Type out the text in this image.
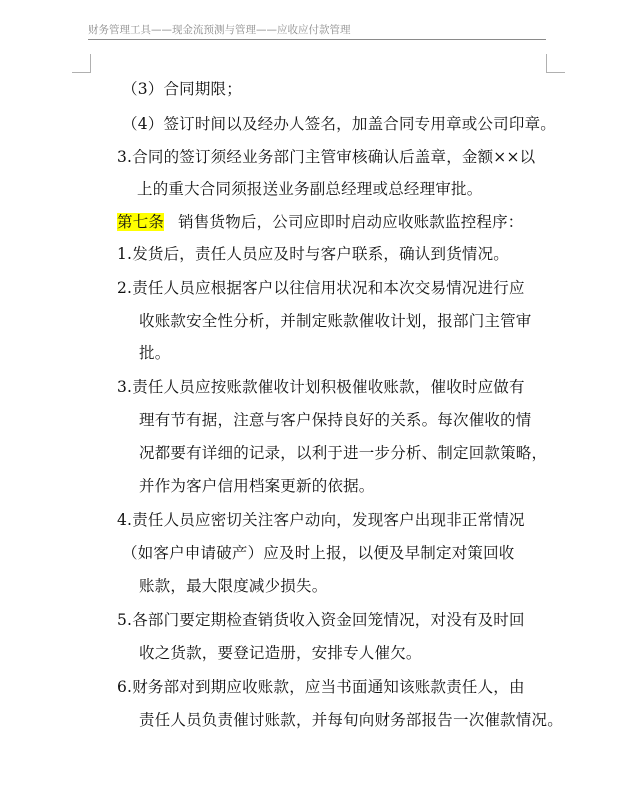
财务管理工具——现金流预测与管理——应收应付款管理
（3）合同期限；
（4）签订时间以及经办人签名，加盖合同专用章或公司印章。
3.合同的签订须经业务部门主管审核确认后盖章，金额××以
上的重大合同须报送业务副总经理或总经理审批。
第七条 销售货物后，公司应即时启动应收账款监控程序：
1.发货后，责任人员应及时与客户联系，确认到货情况。
2.责任人员应根据客户以往信用状况和本次交易情况进行应
收账款安全性分析，并制定账款催收计划，报部门主管审
批。
3.责任人员应按账款催收计划积极催收账款，催收时应做有
理有节有据，注意与客户保持良好的关系。每次催收的情
况都要有详细的记录，以利于进一步分析、制定回款策略，
并作为客户信用档案更新的依据。
4.责任人员应密切关注客户动向，发现客户出现非正常情况
（如客户申请破产）应及时上报，以便及早制定对策回收
账款，最大限度减少损失。
5.各部门要定期检查销货收入资金回笼情况，对没有及时回
收之货款，要登记造册，安排专人催欠。
6.财务部对到期应收账款，应当书面通知该账款责任人，由
责任人员负责催讨账款，并每旬向财务部报告一次催款情况。
